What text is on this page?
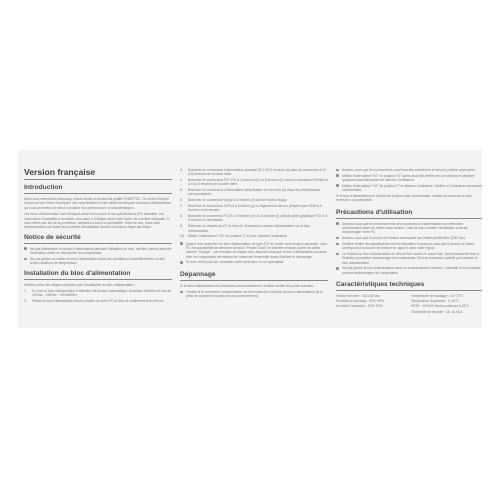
Version française
Introduction

Nous vous remercions beaucoup d'avoir choisi un produit de qualité CHIEFTEC. Ce mode d'emploi comprend une brève description des spécifications et des détails techniques des blocs d'alimentation qui vous permettra de mieux connaître leur performance et caractéristiques.

Les blocs d'alimentation sont fabriqués selon les normes et les spécifications ATX actuelles. Les instructions d'installation devraient vous aider à l'intégrer dans votre boîtier de manière adéquate. Si vous n'êtes pas sûr de la procédure, adressez-vous à un spécialiste. Dans ce cas, nous vous recommandons de suivre la procédure d'installation décrite ci-dessous étape par étape.

Notice de sécurité
Ne pas débrancher le cordon d'alimentation pendant l'utilisation du bloc, veuillez d'abord éteindre l'ordinateur avant de débrancher les composants.
Ne pas garder ou utiliser le bloc d'alimentation dans des conditions d'humidité élevée ou des fortes variations de température.
Installation du bloc d'alimentation

Veuillez suivre les étapes suivantes pour l'installation du bloc d'alimentation :

1.	Si c'est un bloc d'alimentation à sélection de tension automatique, la tension d'entrée AC est de 100Vac - 240Vac ~ 50Hz/60Hz.
2.	Placez le bloc d'alimentation dans le boîtier de votre PC et fixez-le solidement avec les vis.
3.	Branchez le connecteur d'alimentation principal ATX 20+4 broches (a) dans le connecteur à 24 (20) broches de la carte mère.
4.	Branchez le connecteur ATX 12V à 4 broches (b) ou 8 broches (c) dans le connecteur Pentium4 à 4 ou 8 broches de la carte mère.
5.	Branchez le connecteur d'alimentation périphérique à 4 broches (d) dans les périphériques correspondants.
6.	Branchez le connecteur floppy à 4 broches (f) dans le lecteur floppy.
7.	Branchez le connecteur SATA à 5 broches (g) ou légèrement dans le périphérique SATA à 5 broches à nécessaire.
8.	Branchez le connecteur PCI-E à 6 broches (h) ou 8 broches (i) dans la carte graphique PCI-E à 6 broches si nécessaire.
9.	Refermez le châssis du PC et fixez-le. Branchez le cordon d'alimentation sur le bloc d'alimentation.
10.	Mettez l'interrupteur "I/O" en position "I" et puis, allumez l'ordinateur.
Quand vous branchez un bloc d'alimentation de type ATX en mode sans fonction autorisée, votre PC est susceptible de démarrer (tension "Power Good") et d'arrêter ensuite (l'arrêt est défini comme "Charge" : par exemple un disque dur). Assurez-vous que le bloc d'alimentation possède bien les composants permettant de connecter l'ensemble avant d'activer le démarrage.
Si vous n'êtes pas sûr, contactez votre revendeur ou un spécialiste.
Dépannage

Si le bloc d'alimentation ne fonctionne pas correctement, veuillez vérifier les points suivants :

Vérifiez si le connecteur d'alimentation est bien branché à l'arrière du bloc d'alimentation (si la prise de courant ne fonctionne pas correctement).
Assurez-vous que les connecteurs sont branchés solidement et dans la position appropriée.
Mettez l'interrupteur "I/O" en position "O" après avoir fait vérifier les connexions et attendez quelques secondes avant de rallumer l'ordinateur.
Mettez l'interrupteur "I/O" en position "I" et allumez l'ordinateur. Vérifiez si l'ordinateur fonctionne correctement.

Si le bloc d'alimentation ne fonctionne toujours pas correctement, veuillez le retourner à votre revendeur ou spécialiste.

Précautions d'utilisation
Assurez-vous que les branchements des connecteurs d'alimentation sont effectués correctement avant de mettre sous tension. Dans le cas contraire l'installation pourrait endommager votre PC.
Assurez-vous que la source de tension correspond aux limites prédéfinies (230 Vac).
Veuillez vérifier les spécifications sur les étiquettes et assurez-vous que la tension d'entrée correspond à la source de tension en vigueur dans votre région.
Le châssis du bloc d'alimentation ne devrait être ouvert en aucun cas. Des tensions élevées à l'intérieur pourraient endommager les composants. Seul un technicien qualifié peut réparer le bloc d'alimentation.
Ne pas garder le bloc d'alimentation dans un environnement humide. L'humidité et la poussière peuvent endommager les composants.
Caractéristiques techniques
Tension d'entrée : 100-240 Vac	Température de stockage : -20~70°C
Humidité de stockage : 20%~90%	Température d'opération : 0~40°C
Humidité d'opération : 20%~90%	MTBF : 100.000 heures minimum à 25°C
Conformité de sécurité : CE, UL/cUL
